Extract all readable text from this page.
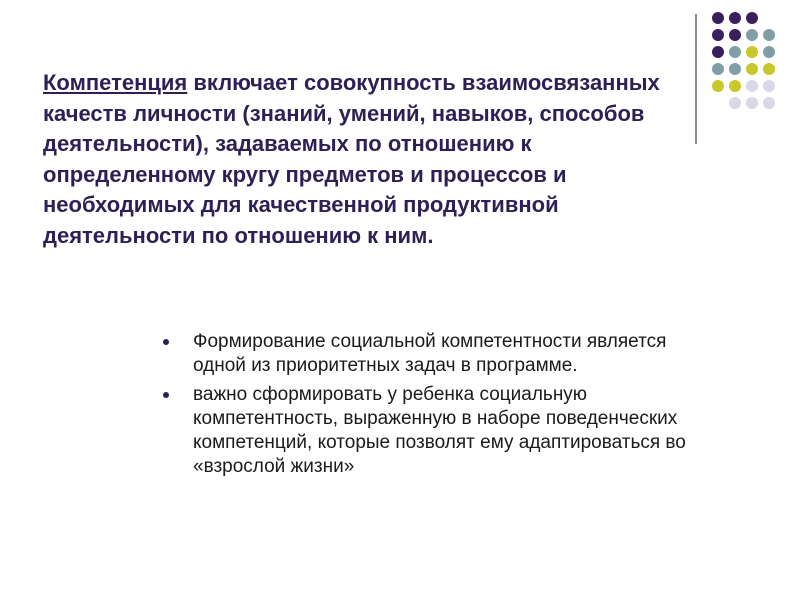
Компетенция включает совокупность взаимосвязанных качеств личности (знаний, умений, навыков, способов деятельности), задаваемых по отношению к определенному кругу предметов и процессов и необходимых для качественной продуктивной деятельности по отношению к ним.

Формирование социальной компетентности является одной из приоритетных задач в программе.
важно сформировать у ребенка социальную компетентность, выраженную в наборе поведенческих компетенций, которые позволят ему адаптироваться во «взрослой жизни»
